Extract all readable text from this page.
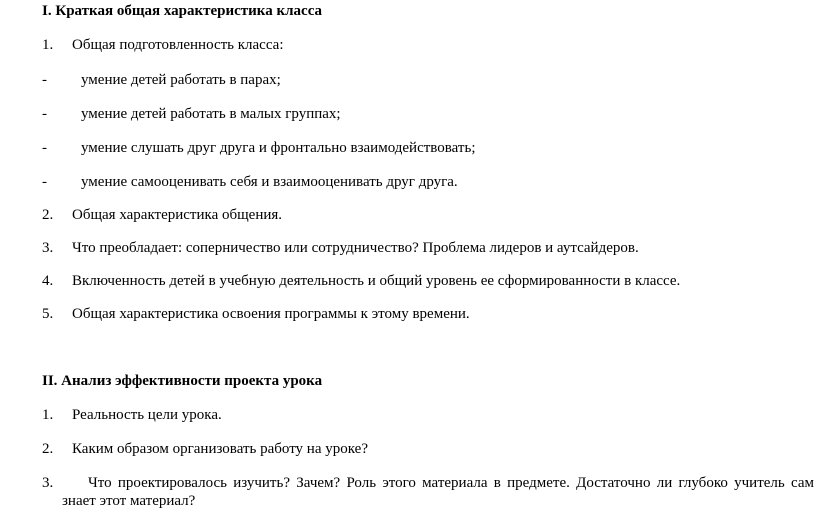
I. Краткая общая характеристика класса
1. Общая подготовленность класса:
- умение детей работать в парах;
- умение детей работать в малых группах;
- умение слушать друг друга и фронтально взаимодействовать;
- умение самооценивать себя и взаимооценивать друг друга.
2. Общая характеристика общения.
3. Что преобладает: соперничество или сотрудничество? Проблема лидеров и аутсайдеров.
4. Включенность детей в учебную деятельность и общий уровень ее сформированности в классе.
5. Общая характеристика освоения программы к этому времени.
II. Анализ эффективности проекта урока
1. Реальность цели урока.
2. Каким образом организовать работу на уроке?
3. Что проектировалось изучить? Зачем? Роль этого материала в предмете. Достаточно ли глубоко учитель сам
знает этот материал?
